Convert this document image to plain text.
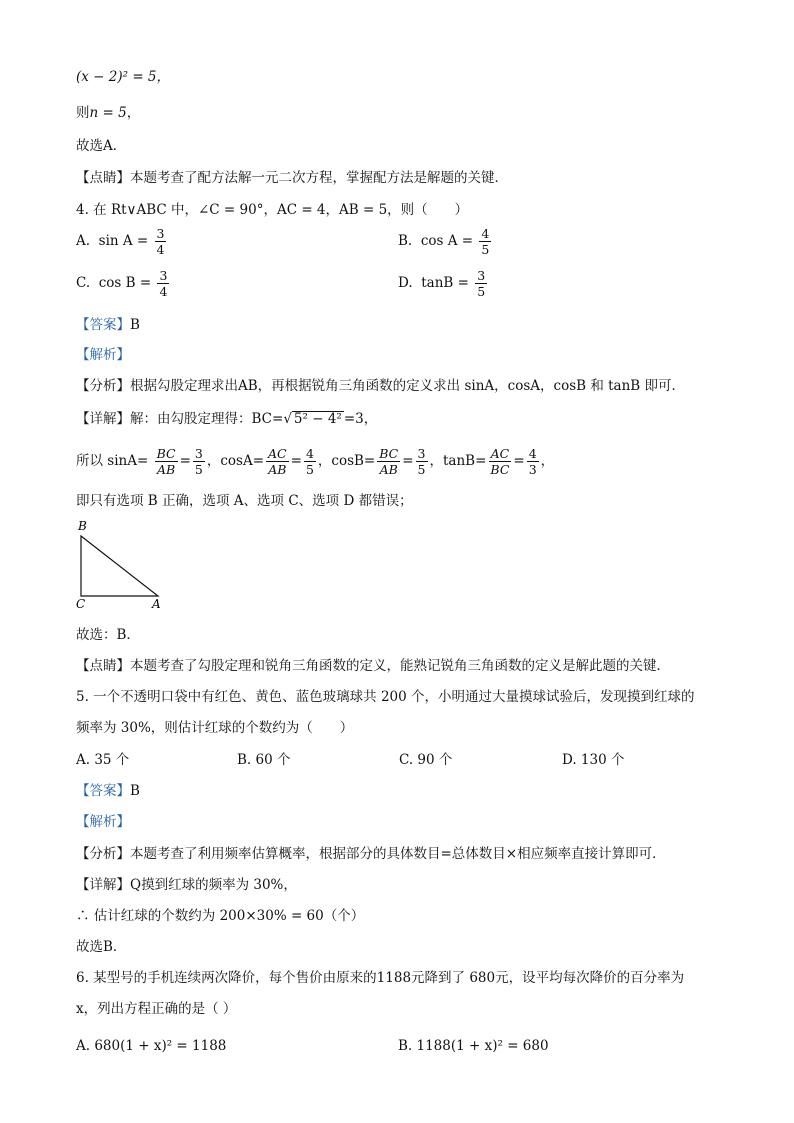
(x − 2)² = 5，
则n = 5，
故选A．
【点睛】本题考查了配方法解一元二次方程，掌握配方法是解题的关键．
4. 在 Rt∨ABC 中，∠C = 90°，AC = 4，AB = 5，则（　　）
A. $\sin A = \frac{3}{4}$	B. $\cos A = \frac{4}{5}$
C. $\cos B = \frac{3}{4}$	D. $\tan B = \frac{3}{5}$
【答案】B
【解析】
【分析】根据勾股定理求出AB，再根据锐角三角函数的定义求出 sinA，cosA，cosB 和 tanB 即可．
【详解】解：由勾股定理得：BC=√ 5² − 4² =3，
所以 $\sin A= \frac{BC}{AB} = \frac{3}{5}$ ，$\cos A= \frac{AC}{AB} = \frac{4}{5}$ ，$\cos B= \frac{BC}{AB} = \frac{3}{5}$ ，$\tan B= \frac{AC}{BC} = \frac{4}{3}$ ，
即只有选项 B 正确，选项 A、选项 C、选项 D 都错误；
B
C	A
故选：B．
【点睛】本题考查了勾股定理和锐角三角函数的定义，能熟记锐角三角函数的定义是解此题的关键．
5. 一个不透明口袋中有红色、黄色、蓝色玻璃球共 200 个，小明通过大量摸球试验后，发现摸到红球的
频率为 30%，则估计红球的个数约为（　　）
A. 35 个	B. 60 个	C. 90 个	D. 130 个
【答案】B
【解析】
【分析】本题考查了利用频率估算概率，根据部分的具体数目=总体数目×相应频率直接计算即可．
【详解】Q摸到红球的频率为 30%，
∴ 估计红球的个数约为 200×30% = 60（个）
故选B．
6. 某型号的手机连续两次降价，每个售价由原来的1188元降到了 680元，设平均每次降价的百分率为
x，列出方程正确的是（ ）
A. 680(1 + x)² = 1188	B. 1188(1 + x)² = 680
